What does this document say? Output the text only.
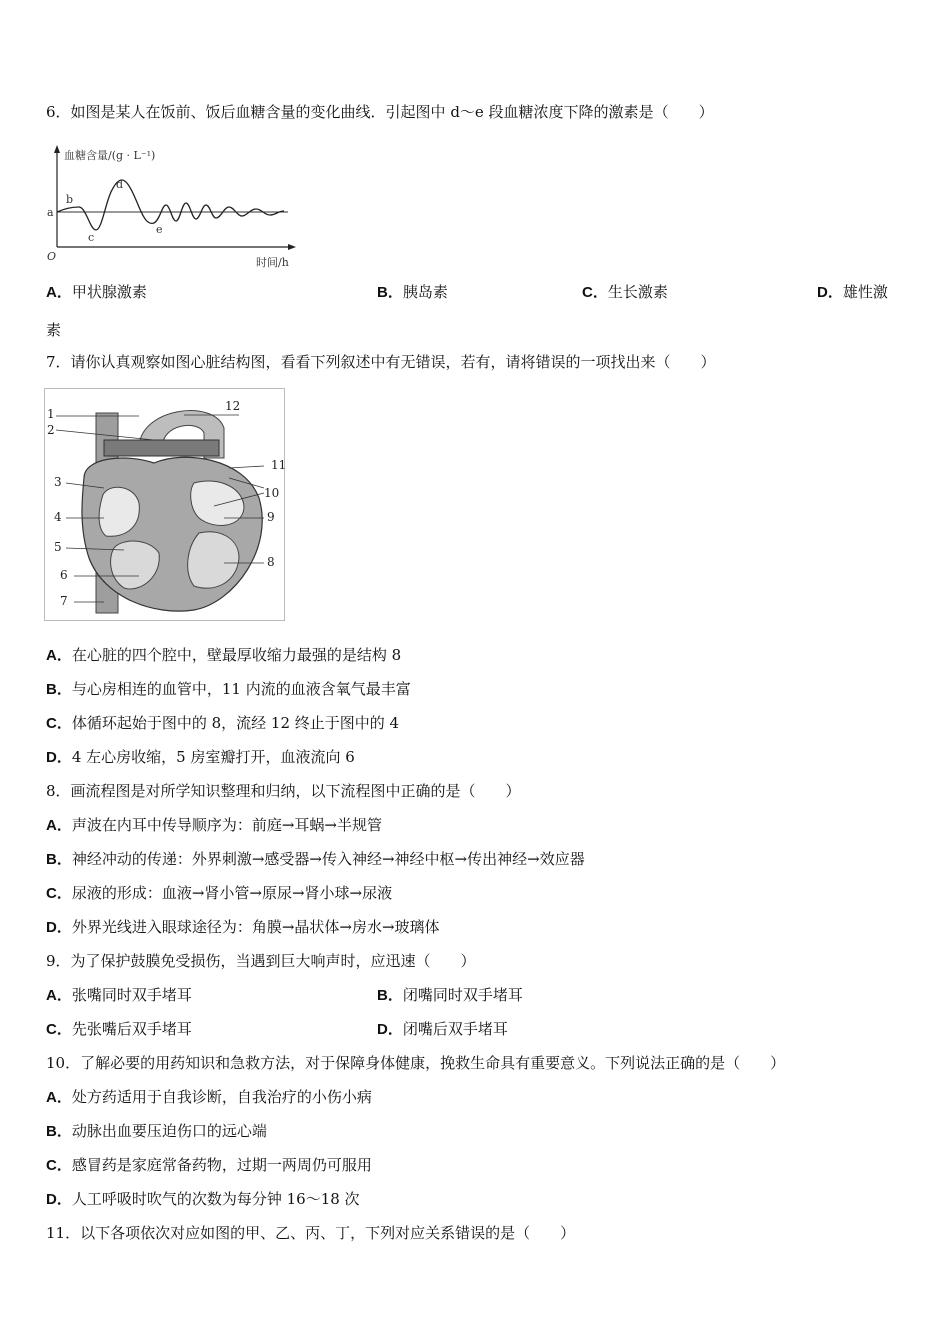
6．如图是某人在饭前、饭后血糖含量的变化曲线．引起图中 d～e 段血糖浓度下降的激素是（　　）
血糖含量/(g · L⁻¹)
时间/h
O
a
b
c
d
e
A．甲状腺激素	B．胰岛素	C．生长激素	D．雄性激
素
7．请你认真观察如图心脏结构图，看看下列叙述中有无错误，若有，请将错误的一项找出来（　　）
1
2
3
4
5
6
7
8
9
10
11
12
A．在心脏的四个腔中，壁最厚收缩力最强的是结构 8
B．与心房相连的血管中，11 内流的血液含氧气最丰富
C．体循环起始于图中的 8，流经 12 终止于图中的 4
D．4 左心房收缩，5 房室瓣打开，血液流向 6
8．画流程图是对所学知识整理和归纳，以下流程图中正确的是（　　）
A．声波在内耳中传导顺序为：前庭→耳蜗→半规管
B．神经冲动的传递：外界刺激→感受器→传入神经→神经中枢→传出神经→效应器
C．尿液的形成：血液→肾小管→原尿→肾小球→尿液
D．外界光线进入眼球途径为：角膜→晶状体→房水→玻璃体
9．为了保护鼓膜免受损伤，当遇到巨大响声时，应迅速（　　）
A．张嘴同时双手堵耳	B．闭嘴同时双手堵耳
C．先张嘴后双手堵耳	D．闭嘴后双手堵耳
10．了解必要的用药知识和急救方法，对于保障身体健康，挽救生命具有重要意义。下列说法正确的是（　　）
A．处方药适用于自我诊断，自我治疗的小伤小病
B．动脉出血要压迫伤口的远心端
C．感冒药是家庭常备药物，过期一两周仍可服用
D．人工呼吸时吹气的次数为每分钟 16～18 次
11．以下各项依次对应如图的甲、乙、丙、丁，下列对应关系错误的是（　　）
